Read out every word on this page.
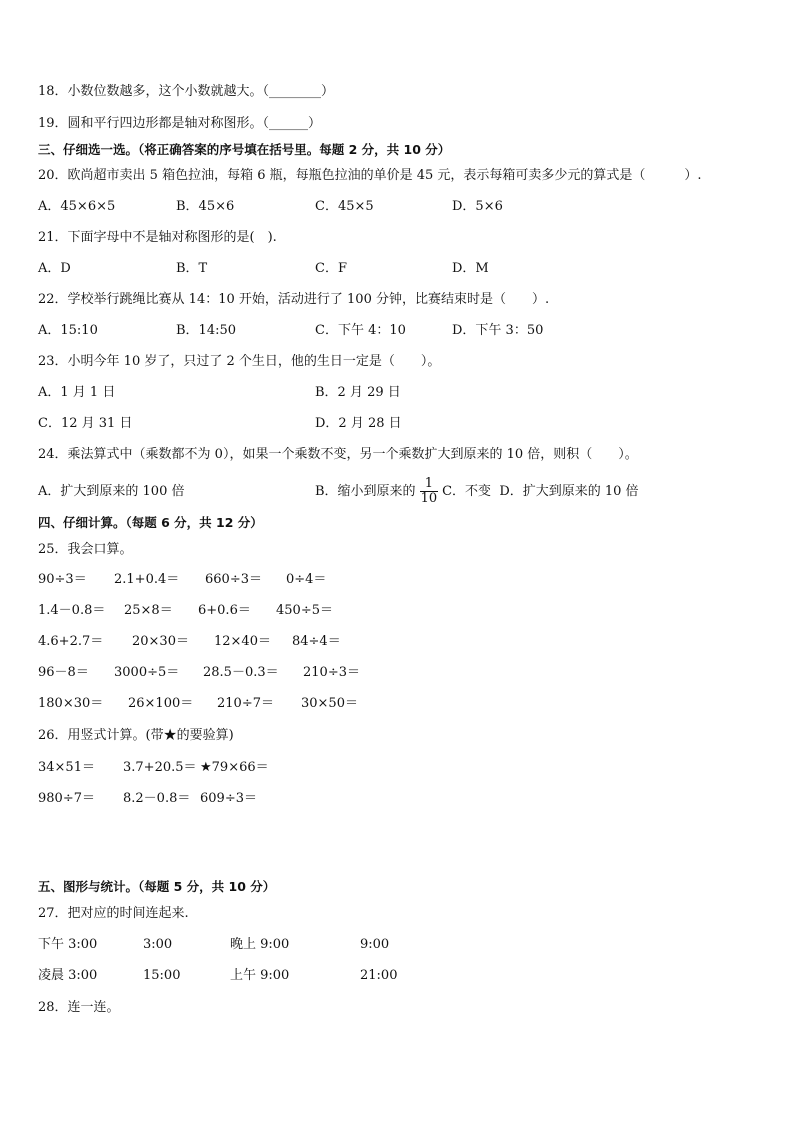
18．小数位数越多，这个小数就越大。（________）
19．圆和平行四边形都是轴对称图形。（______）
三、仔细选一选。（将正确答案的序号填在括号里。每题 2 分，共 10 分）
20．欧尚超市卖出 5 箱色拉油，每箱 6 瓶，每瓶色拉油的单价是 45 元，表示每箱可卖多少元的算式是（　　　）.
A．45×6×5	B．45×6	C．45×5	D．5×6
21．下面字母中不是轴对称图形的是(　).
A．D	B．T	C．F	D．M
22．学校举行跳绳比赛从 14：10 开始，活动进行了 100 分钟，比赛结束时是（　　）.
A．15:10	B．14:50	C．下午 4：10	D．下午 3：50
23．小明今年 10 岁了，只过了 2 个生日，他的生日一定是（　　）。
A．1 月 1 日	B．2 月 29 日
C．12 月 31 日	D．2 月 28 日
24．乘法算式中（乘数都不为 0），如果一个乘数不变，另一个乘数扩大到原来的 10 倍，则积（　　）。
A．扩大到原来的 100 倍	B．缩小到原来的 $\frac{1}{10}$ C．不变 D．扩大到原来的 10 倍
四、仔细计算。（每题 6 分，共 12 分）
25．我会口算。
90÷3＝ 2.1+0.4＝ 660÷3＝ 0÷4＝
1.4－0.8＝ 25×8＝ 6+0.6＝ 450÷5＝
4.6+2.7＝ 20×30＝ 12×40＝ 84÷4＝
96－8＝ 3000÷5＝ 28.5－0.3＝ 210÷3＝
180×30＝ 26×100＝ 210÷7＝ 30×50＝
26．用竖式计算。(带★的要验算)
34×51＝ 3.7+20.5＝ ★79×66＝
980÷7＝ 8.2－0.8＝ 609÷3＝
五、图形与统计。（每题 5 分，共 10 分）
27．把对应的时间连起来.
下午 3:00	3:00	晚上 9:00	9:00
凌晨 3:00	15:00	上午 9:00	21:00
28．连一连。
